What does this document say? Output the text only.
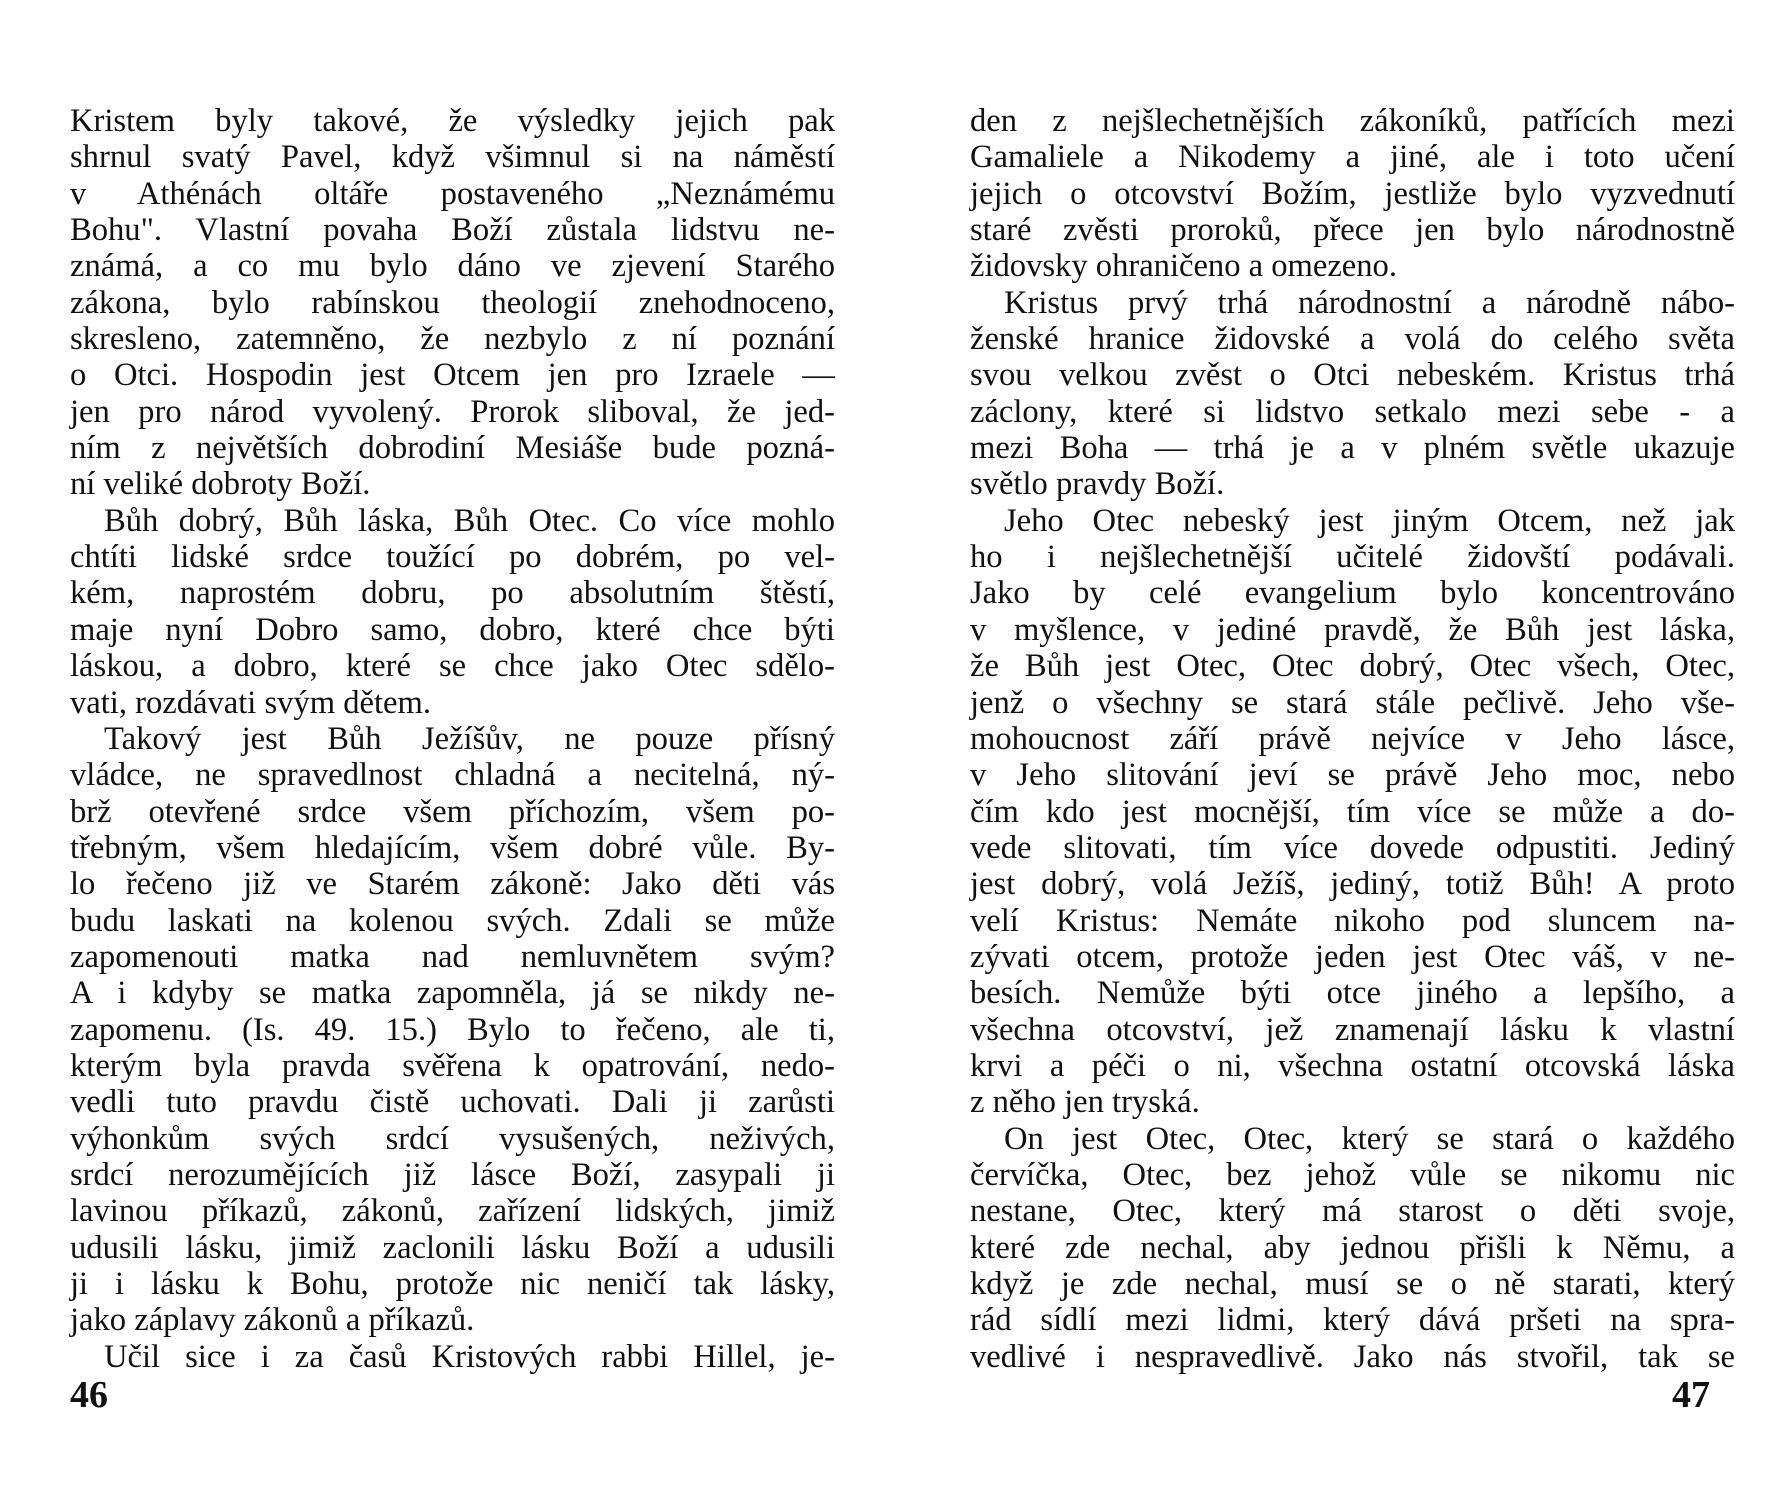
Kristem byly takové, že výsledky jejich pak
shrnul svatý Pavel, když všimnul si na náměstí
v Athénách oltáře postaveného „Neznámému
Bohu". Vlastní povaha Boží zůstala lidstvu ne-
známá, a co mu bylo dáno ve zjevení Starého
zákona, bylo rabínskou theologií znehodnoceno,
skresleno, zatemněno, že nezbylo z ní poznání
o Otci. Hospodin jest Otcem jen pro Izraele —
jen pro národ vyvolený. Prorok sliboval, že jed-
ním z největších dobrodiní Mesiáše bude pozná-
ní veliké dobroty Boží.
Bůh dobrý, Bůh láska, Bůh Otec. Co více mohlo
chtíti lidské srdce toužící po dobrém, po vel-
kém, naprostém dobru, po absolutním štěstí,
maje nyní Dobro samo, dobro, které chce býti
láskou, a dobro, které se chce jako Otec sdělo-
vati, rozdávati svým dětem.
Takový jest Bůh Ježíšův, ne pouze přísný
vládce, ne spravedlnost chladná a necitelná, ný-
brž otevřené srdce všem příchozím, všem po-
třebným, všem hledajícím, všem dobré vůle. By-
lo řečeno již ve Starém zákoně: Jako děti vás
budu laskati na kolenou svých. Zdali se může
zapomenouti matka nad nemluvnětem svým?
A i kdyby se matka zapomněla, já se nikdy ne-
zapomenu. (Is. 49. 15.) Bylo to řečeno, ale ti,
kterým byla pravda svěřena k opatrování, nedo-
vedli tuto pravdu čistě uchovati. Dali ji zarůsti
výhonkům svých srdcí vysušených, neživých,
srdcí nerozumějících již lásce Boží, zasypali ji
lavinou příkazů, zákonů, zařízení lidských, jimiž
udusili lásku, jimiž zaclonili lásku Boží a udusili
ji i lásku k Bohu, protože nic neničí tak lásky,
jako záplavy zákonů a příkazů.
Učil sice i za časů Kristových rabbi Hillel, je-
den z nejšlechetnějších zákoníků, patřících mezi
Gamaliele a Nikodemy a jiné, ale i toto učení
jejich o otcovství Božím, jestliže bylo vyzvednutí
staré zvěsti proroků, přece jen bylo národnostně
židovsky ohraničeno a omezeno.
Kristus prvý trhá národnostní a národně nábo-
ženské hranice židovské a volá do celého světa
svou velkou zvěst o Otci nebeském. Kristus trhá
záclony, které si lidstvo setkalo mezi sebe - a
mezi Boha — trhá je a v plném světle ukazuje
světlo pravdy Boží.
Jeho Otec nebeský jest jiným Otcem, než jak
ho i nejšlechetnější učitelé židovští podávali.
Jako by celé evangelium bylo koncentrováno
v myšlence, v jediné pravdě, že Bůh jest láska,
že Bůh jest Otec, Otec dobrý, Otec všech, Otec,
jenž o všechny se stará stále pečlivě. Jeho vše-
mohoucnost září právě nejvíce v Jeho lásce,
v Jeho slitování jeví se právě Jeho moc, nebo
čím kdo jest mocnější, tím více se může a do-
vede slitovati, tím více dovede odpustiti. Jediný
jest dobrý, volá Ježíš, jediný, totiž Bůh! A proto
velí Kristus: Nemáte nikoho pod sluncem na-
zývati otcem, protože jeden jest Otec váš, v ne-
besích. Nemůže býti otce jiného a lepšího, a
všechna otcovství, jež znamenají lásku k vlastní
krvi a péči o ni, všechna ostatní otcovská láska
z něho jen tryská.
On jest Otec, Otec, který se stará o každého
červíčka, Otec, bez jehož vůle se nikomu nic
nestane, Otec, který má starost o děti svoje,
které zde nechal, aby jednou přišli k Němu, a
když je zde nechal, musí se o ně starati, který
rád sídlí mezi lidmi, který dává pršeti na spra-
vedlivé i nespravedlivě. Jako nás stvořil, tak se
46	47
